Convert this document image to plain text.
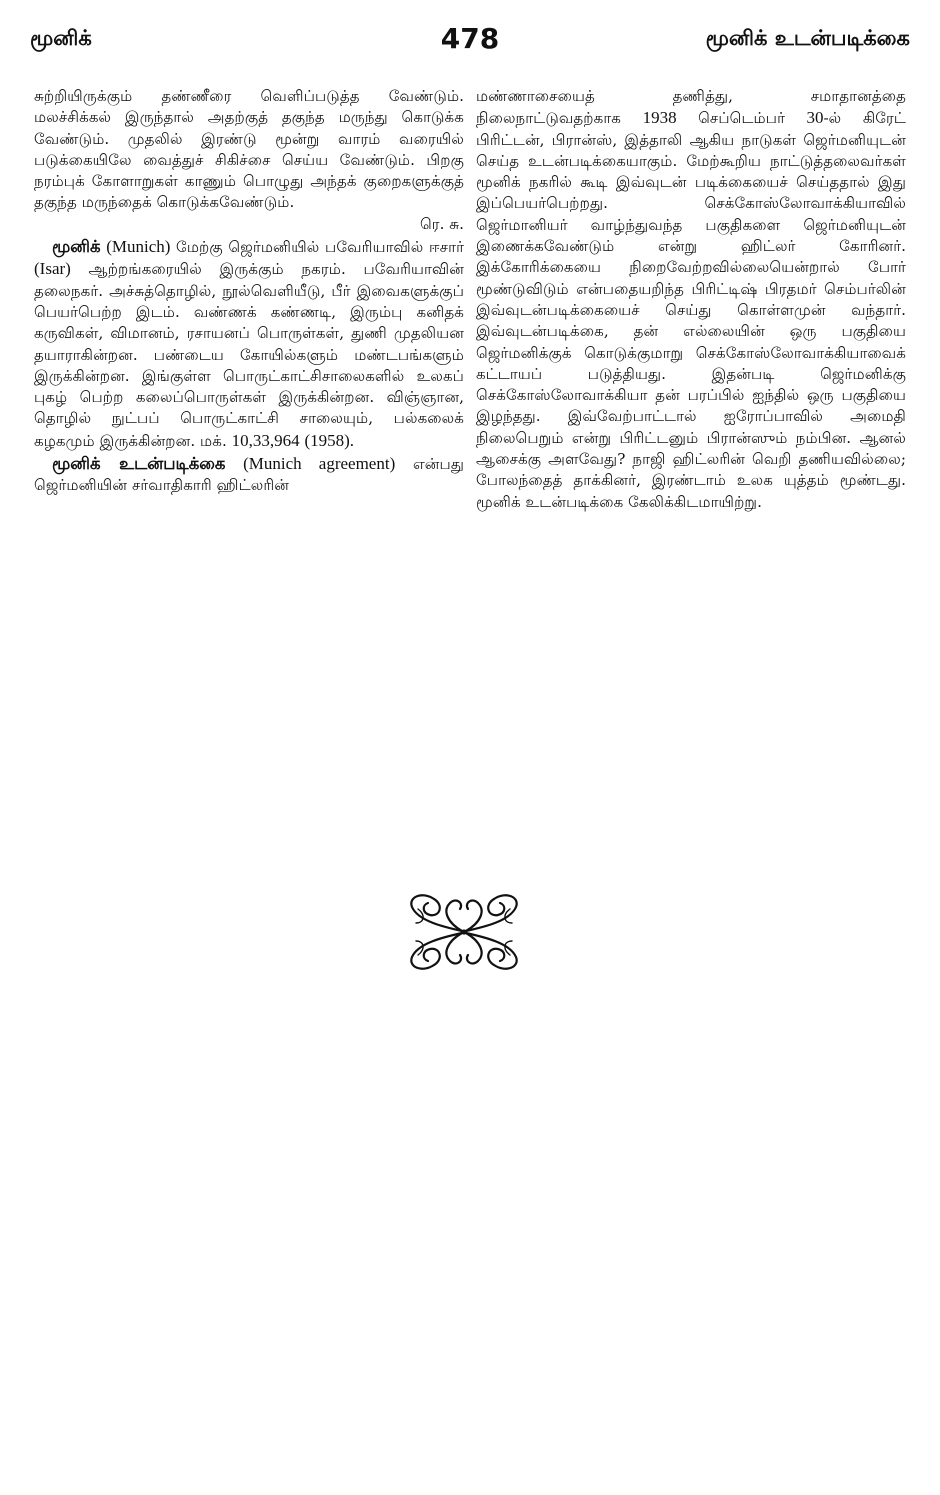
மூனிக்	478	மூனிக் உடன்படிக்கை

சுற்றியிருக்கும் தண்ணீரை வெளிப்படுத்த வேண்டும். மலச்சிக்கல் இருந்தால் அதற்குத் தகுந்த மருந்து கொடுக்க வேண்டும். முதலில் இரண்டு மூன்று வாரம் வரையில் படுக்கையிலே வைத்துச் சிகிச்சை செய்ய வேண்டும். பிறகு நரம்புக் கோளாறுகள் காணும் பொழுது அந்தக் குறைகளுக்குத் தகுந்த மருந்தைக் கொடுக்கவேண்டும்.
ரெ. சு.

மூனிக் (Munich) மேற்கு ஜெர்மனியில் பவேரியாவில் ஈசார் (Isar) ஆற்றங்கரையில் இருக்கும் நகரம். பவேரியாவின் தலைநகர். அச்சுத்தொழில், நூல்வெளியீடு, பீர் இவைகளுக்குப் பெயர்பெற்ற இடம். வண்ணக் கண்ணடி, இரும்பு கனிதக் கருவிகள், விமானம், ரசாயனப் பொருள்கள், துணி முதலியன தயாராகின்றன. பண்டைய கோயில்களும் மண்டபங்களும் இருக்கின்றன. இங்குள்ள பொருட்காட்சிசாலைகளில் உலகப் புகழ் பெற்ற கலைப்பொருள்கள் இருக்கின்றன. விஞ்ஞான, தொழில் நுட்பப் பொருட்காட்சி சாலையும், பல்கலைக் கழகமும் இருக்கின்றன. மக். 10,33,964 (1958).

மூனிக் உடன்படிக்கை (Munich agreement) என்பது ஜெர்மனியின் சர்வாதிகாரி ஹிட்லரின்

மண்ணாசையைத் தணித்து, சமாதானத்தை நிலைநாட்டுவதற்காக 1938 செப்டெம்பர் 30-ல் கிரேட் பிரிட்டன், பிரான்ஸ், இத்தாலி ஆகிய நாடுகள் ஜெர்மனியுடன் செய்த உடன்படிக்கையாகும். மேற்கூறிய நாட்டுத்தலைவர்கள் மூனிக் நகரில் கூடி இவ்வுடன் படிக்கையைச் செய்ததால் இது இப்பெயர்பெற்றது. செக்கோஸ்லோவாக்கியாவில் ஜெர்மானியர் வாழ்ந்துவந்த பகுதிகளை ஜெர்மனியுடன் இணைக்கவேண்டும் என்று ஹிட்லர் கோரினர். இக்கோரிக்கையை நிறைவேற்றவில்லையென்றால் போர் மூண்டுவிடும் என்பதையறிந்த பிரிட்டிஷ் பிரதமர் செம்பர்லின் இவ்வுடன்படிக்கையைச் செய்து கொள்ளமுன் வந்தார். இவ்வுடன்படிக்கை, தன் எல்லையின் ஒரு பகுதியை ஜெர்மனிக்குக் கொடுக்குமாறு செக்கோஸ்லோவாக்கியாவைக் கட்டாயப் படுத்தியது. இதன்படி ஜெர்மனிக்கு செக்கோஸ்லோவாக்கியா தன் பரப்பில் ஐந்தில் ஒரு பகுதியை இழந்தது. இவ்வேற்பாட்டால் ஐரோப்பாவில் அமைதி நிலைபெறும் என்று பிரிட்டனும் பிரான்ஸும் நம்பின. ஆனல் ஆசைக்கு அளவேது? நாஜி ஹிட்லரின் வெறி தணியவில்லை; போலந்தைத் தாக்கினர், இரண்டாம் உலக யுத்தம் மூண்டது. மூனிக் உடன்படிக்கை கேலிக்கிடமாயிற்று.
